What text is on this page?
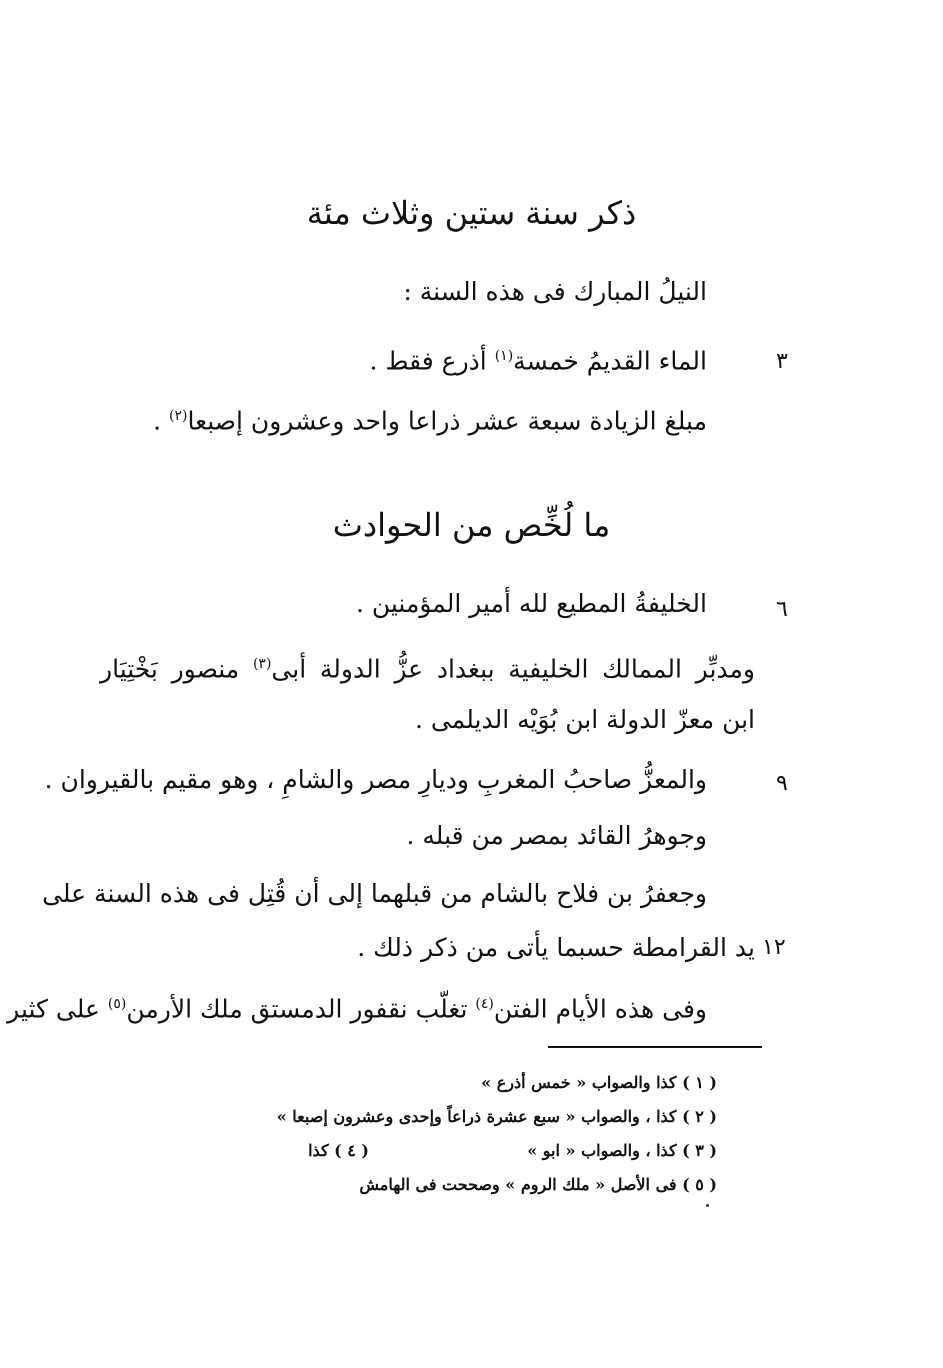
ذكر سنة ستين وثلاث مئة
النيلُ المبارك فى هذه السنة :
الماء القديمُ خمسة$^{(١)}$ أذرع فقط .
مبلغ الزيادة سبعة عشر ذراعا واحد وعشرون إصبعا$^{(٢)}$ .
ما لُخِّص من الحوادث
الخليفةُ المطيع لله أمير المؤمنين .
ومدبِّر الممالك الخليفية ببغداد عزُّ الدولة أبى$^{(٣)}$ منصور بَخْتِيَار
ابن معزّ الدولة ابن بُوَيْه الديلمى .
والمعزُّ صاحبُ المغربِ وديارِ مصر والشامِ ، وهو مقيم بالقيروان .
وجوهرُ القائد بمصر من قبله .
وجعفرُ بن فلاح بالشام من قبلهما إلى أن قُتِل فى هذه السنة على
يد القرامطة حسبما يأتى من ذكر ذلك .
وفى هذه الأيام الفتن$^{(٤)}$ تغلّب نقفور الدمستق ملك الأرمن$^{(٥)}$ على كثير
٣
٦
٩
١٢
( ١ ) كذا والصواب « خمس أذرع »
( ٢ ) كذا ، والصواب « سبع عشرة ذراعاً وإحدى وعشرون إصبعا »
( ٣ ) كذا ، والصواب « ابو »
( ٤ ) كذا
( ٥ ) فى الأصل « ملك الروم » وصححت فى الهامش
